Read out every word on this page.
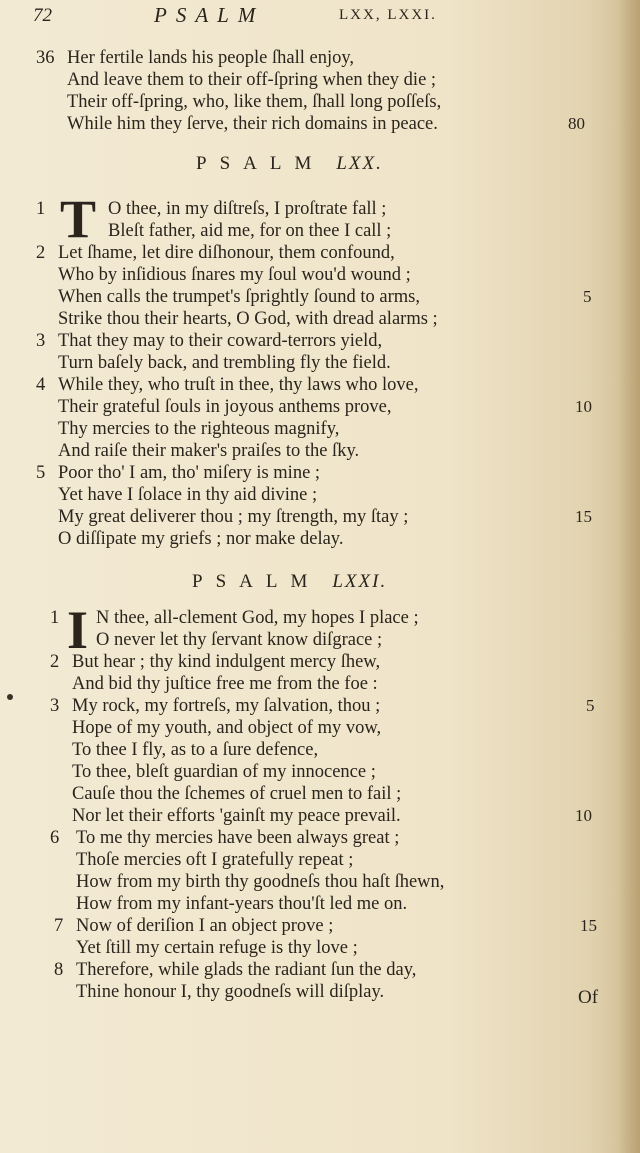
72	PSALM	LXX, LXXI.
36 Her fertile lands his people ſhall enjoy,
And leave them to their off-ſpring when they die ;
Their off-ſpring, who, like them, ſhall long poſſeſs,
While him they ſerve, their rich domains in peace.	80
PSALM LXX.
T
1	O thee, in my diſtreſs, I proſtrate fall ;
Bleſt father, aid me, for on thee I call ;
2 Let ſhame, let dire diſhonour, them confound,
Who by inſidious ſnares my ſoul wou'd wound ;
When calls the trumpet's ſprightly ſound to arms,	5
Strike thou their hearts, O God, with dread alarms ;
3 That they may to their coward-terrors yield,
Turn baſely back, and trembling fly the field.
4 While they, who truſt in thee, thy laws who love,
Their grateful ſouls in joyous anthems prove,	10
Thy mercies to the righteous magnify,
And raiſe their maker's praiſes to the ſky.
5 Poor tho' I am, tho' miſery is mine ;
Yet have I ſolace in thy aid divine ;
My great deliverer thou ; my ſtrength, my ſtay ;	15
O diſſipate my griefs ; nor make delay.
PSALM LXXI.
I
1 N thee, all-clement God, my hopes I place ;
O never let thy ſervant know diſgrace ;
2 But hear ; thy kind indulgent mercy ſhew,
And bid thy juſtice free me from the foe :
3 My rock, my fortreſs, my ſalvation, thou ;	5
Hope of my youth, and object of my vow,
To thee I fly, as to a ſure defence,
To thee, bleſt guardian of my innocence ;
Cauſe thou the ſchemes of cruel men to fail ;
Nor let their efforts 'gainſt my peace prevail.	10
6 To me thy mercies have been always great ;
Thoſe mercies oft I gratefully repeat ;
How from my birth thy goodneſs thou haſt ſhewn,
How from my infant-years thou'ſt led me on.
7 Now of deriſion I an object prove ;	15
Yet ſtill my certain refuge is thy love ;
8 Therefore, while glads the radiant ſun the day,
Thine honour I, thy goodneſs will diſplay.	Of
